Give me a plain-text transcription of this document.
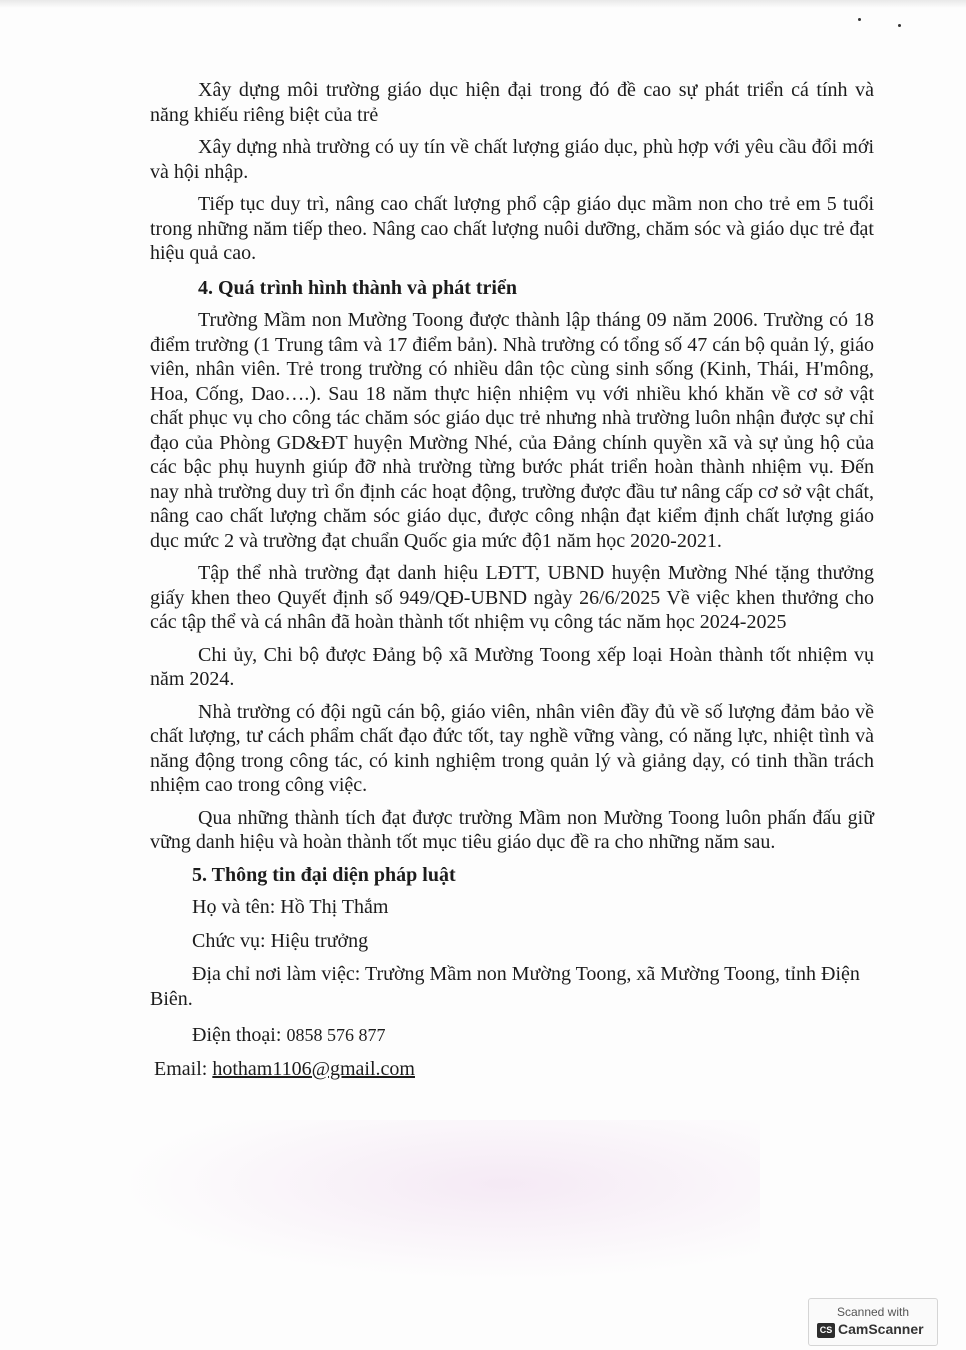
Xây dựng môi trường giáo dục hiện đại trong đó đề cao sự phát triển cá tính và năng khiếu riêng biệt của trẻ

Xây dựng nhà trường có uy tín về chất lượng giáo dục, phù hợp với yêu cầu đổi mới và hội nhập.

Tiếp tục duy trì, nâng cao chất lượng phổ cập giáo dục mầm non cho trẻ em 5 tuổi trong những năm tiếp theo. Nâng cao chất lượng nuôi dưỡng, chăm sóc và giáo dục trẻ đạt hiệu quả cao.

4. Quá trình hình thành và phát triển

Trường Mầm non Mường Toong được thành lập tháng 09 năm 2006. Trường có 18 điểm trường (1 Trung tâm và 17 điểm bản). Nhà trường có tổng số 47 cán bộ quản lý, giáo viên, nhân viên. Trẻ trong trường có nhiều dân tộc cùng sinh sống (Kinh, Thái, H'mông, Hoa, Cống, Dao….). Sau 18 năm thực hiện nhiệm vụ với nhiều khó khăn về cơ sở vật chất phục vụ cho công tác chăm sóc giáo dục trẻ nhưng nhà trường luôn nhận được sự chỉ đạo của Phòng GD&ĐT huyện Mường Nhé, của Đảng chính quyền xã và sự ủng hộ của các bậc phụ huynh giúp đỡ nhà trường từng bước phát triển hoàn thành nhiệm vụ. Đến nay nhà trường duy trì ổn định các hoạt động, trường được đầu tư nâng cấp cơ sở vật chất, nâng cao chất lượng chăm sóc giáo dục, được công nhận đạt kiểm định chất lượng giáo dục mức 2 và trường đạt chuẩn Quốc gia mức độ1 năm học 2020-2021.

Tập thể nhà trường đạt danh hiệu LĐTT, UBND huyện Mường Nhé tặng thưởng giấy khen theo Quyết định số 949/QĐ-UBND ngày 26/6/2025 Về việc khen thưởng cho các tập thể và cá nhân đã hoàn thành tốt nhiệm vụ công tác năm học 2024-2025

Chi ủy, Chi bộ được Đảng bộ xã Mường Toong xếp loại Hoàn thành tốt nhiệm vụ năm 2024.

Nhà trường có đội ngũ cán bộ, giáo viên, nhân viên đầy đủ về số lượng đảm bảo về chất lượng, tư cách phẩm chất đạo đức tốt, tay nghề vững vàng, có năng lực, nhiệt tình và năng động trong công tác, có kinh nghiệm trong quản lý và giảng dạy, có tinh thần trách nhiệm cao trong công việc.

Qua những thành tích đạt được trường Mầm non Mường Toong luôn phấn đấu giữ vững danh hiệu và hoàn thành tốt mục tiêu giáo dục đề ra cho những năm sau.

5. Thông tin đại diện pháp luật
Họ và tên: Hồ Thị Thắm
Chức vụ: Hiệu trưởng
Địa chỉ nơi làm việc: Trường Mầm non Mường Toong, xã Mường Toong, tỉnh Điện Biên.
Điện thoại: 0858 576 877
Email: hotham1106@gmail.com
Scanned with
CS CamScanner
